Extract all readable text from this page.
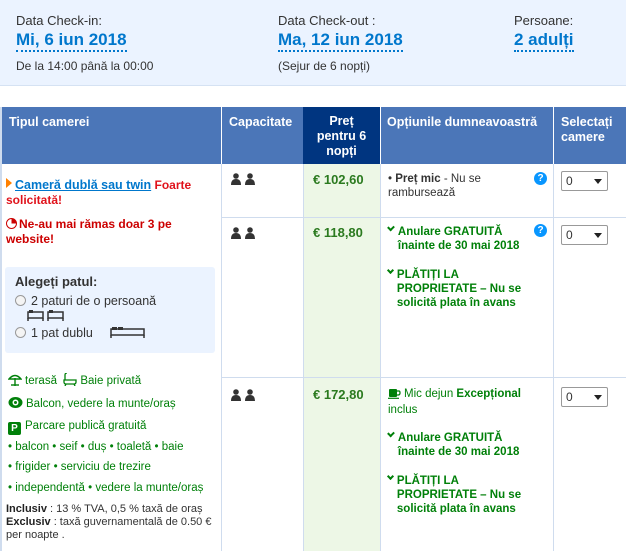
Data Check-in:
Mi, 6 iun 2018
De la 14:00 până la 00:00
Data Check-out :
Ma, 12 iun 2018
(Sejur de 6 nopți)
Persoane:
2 adulți
Tipul camerei	Capacitate	Preț
pentru 6
nopți
Opțiunile dumneavoastră	Selectați
camere
Cameră dublă sau twin Foarte solicitată!
Ne-au mai rămas doar 3 pe website!
Alegeți patul:
2 paturi de o persoană
1 pat dublu
terasă Baie privată
Balcon, vedere la munte/oraș
P Parcare publică gratuită
• balcon • seif • duș • toaletă • baie
• frigider • serviciu de trezire
• independentă • vedere la munte/oraș
Inclusiv : 13 % TVA, 0,5 % taxă de oraș
Exclusiv : taxă guvernamentală de 0.50 € per noapte .
€ 102,60 • Preț mic - Nu se rambursează
?	0
€ 118,80	Anulare GRATUITĂ înainte de 30 mai 2018
PLĂTIȚI LA PROPRIETATE – Nu se solicită plata în avans
?	0
€ 172,80	Mic dejun Excepțional inclus
Anulare GRATUITĂ înainte de 30 mai 2018
PLĂTIȚI LA PROPRIETATE – Nu se solicită plata în avans
0
